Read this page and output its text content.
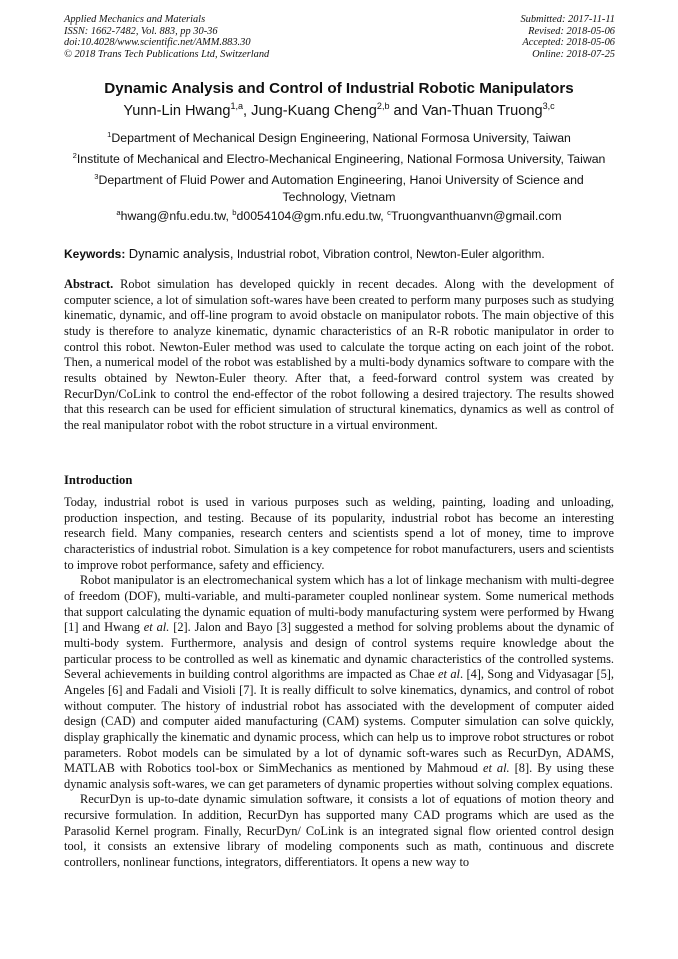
Applied Mechanics and Materials
ISSN: 1662-7482, Vol. 883, pp 30-36
doi:10.4028/www.scientific.net/AMM.883.30
© 2018 Trans Tech Publications Ltd, Switzerland
Submitted: 2017-11-11
Revised: 2018-05-06
Accepted: 2018-05-06
Online: 2018-07-25
Dynamic Analysis and Control of Industrial Robotic Manipulators
Yunn-Lin Hwang$^{1,a}$, Jung-Kuang Cheng$^{2,b}$ and Van-Thuan Truong$^{3,c}$
$^1$Department of Mechanical Design Engineering, National Formosa University, Taiwan
$^2$Institute of Mechanical and Electro-Mechanical Engineering, National Formosa University, Taiwan
$^3$Department of Fluid Power and Automation Engineering, Hanoi University of Science and Technology, Vietnam
$^a$hwang@nfu.edu.tw, $^b$d0054104@gm.nfu.edu.tw, $^c$Truongvanthuanvn@gmail.com
Keywords: Dynamic analysis, Industrial robot, Vibration control, Newton-Euler algorithm.

Abstract. Robot simulation has developed quickly in recent decades. Along with the development of computer science, a lot of simulation soft-wares have been created to perform many purposes such as studying kinematic, dynamic, and off-line program to avoid obstacle on manipulator robots. The main objective of this study is therefore to analyze kinematic, dynamic characteristics of an R-R robotic manipulator in order to control this robot. Newton-Euler method was used to calculate the torque acting on each joint of the robot. Then, a numerical model of the robot was established by a multi-body dynamics software to compare with the results obtained by Newton-Euler theory. After that, a feed-forward control system was created by RecurDyn/CoLink to control the end-effector of the robot following a desired trajectory. The results showed that this research can be used for efficient simulation of structural kinematics, dynamics as well as control of the real manipulator robot with the robot structure in a virtual environment.

Introduction

Today, industrial robot is used in various purposes such as welding, painting, loading and unloading, production inspection, and testing. Because of its popularity, industrial robot has become an interesting research field. Many companies, research centers and scientists spend a lot of money, time to improve characteristics of industrial robot. Simulation is a key competence for robot manufacturers, users and scientists to improve robot performance, safety and efficiency.

Robot manipulator is an electromechanical system which has a lot of linkage mechanism with multi-degree of freedom (DOF), multi-variable, and multi-parameter coupled nonlinear system. Some numerical methods that support calculating the dynamic equation of multi-body manufacturing system were performed by Hwang [1] and Hwang et al. [2]. Jalon and Bayo [3] suggested a method for solving problems about the dynamic of multi-body system. Furthermore, analysis and design of control systems require knowledge about the particular process to be controlled as well as kinematic and dynamic characteristics of the controlled systems. Several achievements in building control algorithms are impacted as Chae et al. [4], Song and Vidyasagar [5], Angeles [6] and Fadali and Visioli [7]. It is really difficult to solve kinematics, dynamics, and control of robot without computer. The history of industrial robot has associated with the development of computer aided design (CAD) and computer aided manufacturing (CAM) systems. Computer simulation can solve quickly, display graphically the kinematic and dynamic process, which can help us to improve robot structures or robot parameters. Robot models can be simulated by a lot of dynamic soft-wares such as RecurDyn, ADAMS, MATLAB with Robotics tool-box or SimMechanics as mentioned by Mahmoud et al. [8]. By using these dynamic analysis soft-wares, we can get parameters of dynamic properties without solving complex equations.

RecurDyn is up-to-date dynamic simulation software, it consists a lot of equations of motion theory and recursive formulation. In addition, RecurDyn has supported many CAD programs which are used as the Parasolid Kernel program. Finally, RecurDyn/ CoLink is an integrated signal flow oriented control design tool, it consists an extensive library of modeling components such as math, continuous and discrete controllers, nonlinear functions, integrators, differentiators. It opens a new way to
